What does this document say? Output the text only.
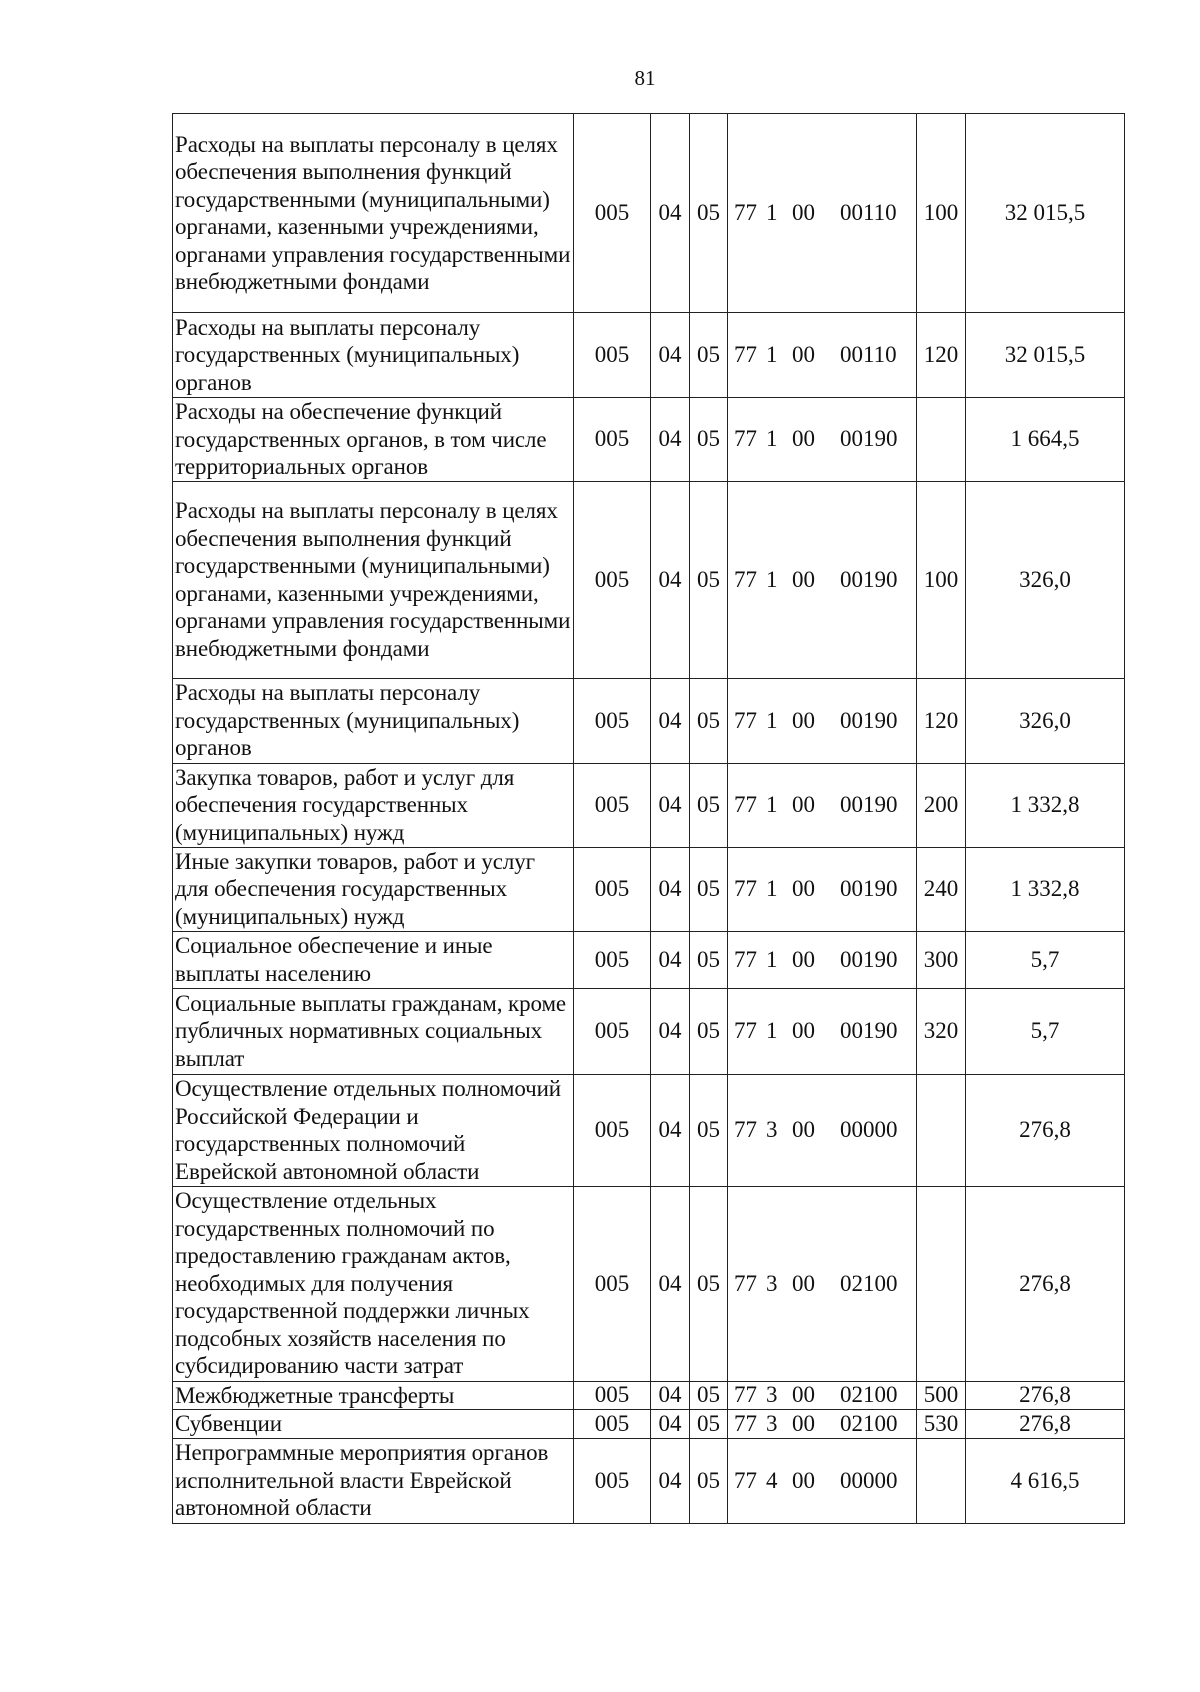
81
Расходы на выплаты персоналу в целях обеспечения выполнения функций государственными (муниципальными) органами, казенными учреждениями, органами управления государственными внебюджетными фондами	005	04	05	77 1 00 00110	100	32 015,5
Расходы на выплаты персоналу государственных (муниципальных) органов	005	04	05	77 1 00 00110	120	32 015,5
Расходы на обеспечение функций государственных органов, в том числе территориальных органов	005	04	05	77 1 00 00190		1 664,5
Расходы на выплаты персоналу в целях обеспечения выполнения функций государственными (муниципальными) органами, казенными учреждениями, органами управления государственными внебюджетными фондами	005	04	05	77 1 00 00190	100	326,0
Расходы на выплаты персоналу государственных (муниципальных) органов	005	04	05	77 1 00 00190	120	326,0
Закупка товаров, работ и услуг для обеспечения государственных (муниципальных) нужд	005	04	05	77 1 00 00190	200	1 332,8
Иные закупки товаров, работ и услуг для обеспечения государственных (муниципальных) нужд	005	04	05	77 1 00 00190	240	1 332,8
Социальное обеспечение и иные выплаты населению	005	04	05	77 1 00 00190	300	5,7
Социальные выплаты гражданам, кроме публичных нормативных социальных выплат	005	04	05	77 1 00 00190	320	5,7
Осуществление отдельных полномочий Российской Федерации и государственных полномочий Еврейской автономной области	005	04	05	77 3 00 00000		276,8
Осуществление отдельных государственных полномочий по предоставлению гражданам актов, необходимых для получения государственной поддержки личных подсобных хозяйств населения по субсидированию части затрат	005	04	05	77 3 00 02100		276,8
Межбюджетные трансферты	005	04	05	77 3 00 02100	500	276,8
Субвенции	005	04	05	77 3 00 02100	530	276,8
Непрограммные мероприятия органов исполнительной власти Еврейской автономной области	005	04	05	77 4 00 00000		4 616,5
